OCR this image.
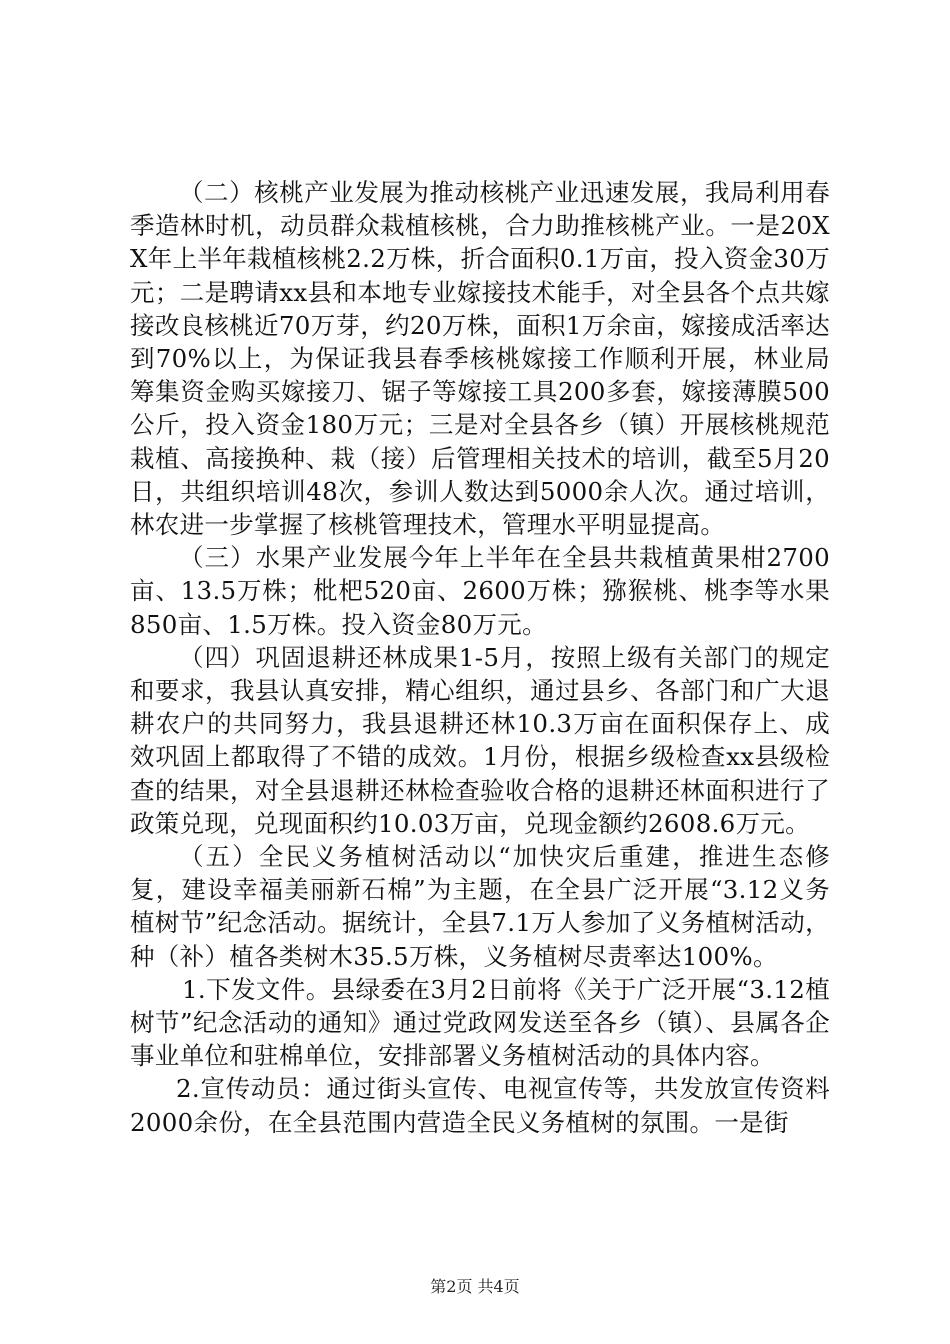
（二）核桃产业发展为推动核桃产业迅速发展，我局利用春季造林时机，动员群众栽植核桃，合力助推核桃产业。一是20XX年上半年栽植核桃2.2万株，折合面积0.1万亩，投入资金30万元；二是聘请xx县和本地专业嫁接技术能手，对全县各个点共嫁接改良核桃近70万芽，约20万株，面积1万余亩，嫁接成活率达到70%以上，为保证我县春季核桃嫁接工作顺利开展，林业局筹集资金购买嫁接刀、锯子等嫁接工具200多套，嫁接薄膜500公斤，投入资金180万元；三是对全县各乡（镇）开展核桃规范栽植、高接换种、栽（接）后管理相关技术的培训，截至5月20日，共组织培训48次，参训人数达到5000余人次。通过培训，林农进一步掌握了核桃管理技术，管理水平明显提高。

（三）水果产业发展今年上半年在全县共栽植黄果柑2700亩、13.5万株；枇杷520亩、2600万株；猕猴桃、桃李等水果850亩、1.5万株。投入资金80万元。

（四）巩固退耕还林成果1-5月，按照上级有关部门的规定和要求，我县认真安排，精心组织，通过县乡、各部门和广大退耕农户的共同努力，我县退耕还林10.3万亩在面积保存上、成效巩固上都取得了不错的成效。1月份，根据乡级检查xx县级检查的结果，对全县退耕还林检查验收合格的退耕还林面积进行了政策兑现，兑现面积约10.03万亩，兑现金额约2608.6万元。

（五）全民义务植树活动以“加快灾后重建，推进生态修复，建设幸福美丽新石棉”为主题，在全县广泛开展“3.12义务植树节”纪念活动。据统计，全县7.1万人参加了义务植树活动，种（补）植各类树木35.5万株，义务植树尽责率达100%。

1.下发文件。县绿委在3月2日前将《关于广泛开展“3.12植树节”纪念活动的通知》通过党政网发送至各乡（镇）、县属各企事业单位和驻棉单位，安排部署义务植树活动的具体内容。

2.宣传动员：通过街头宣传、电视宣传等，共发放宣传资料2000余份，在全县范围内营造全民义务植树的氛围。一是街

第2页 共4页
